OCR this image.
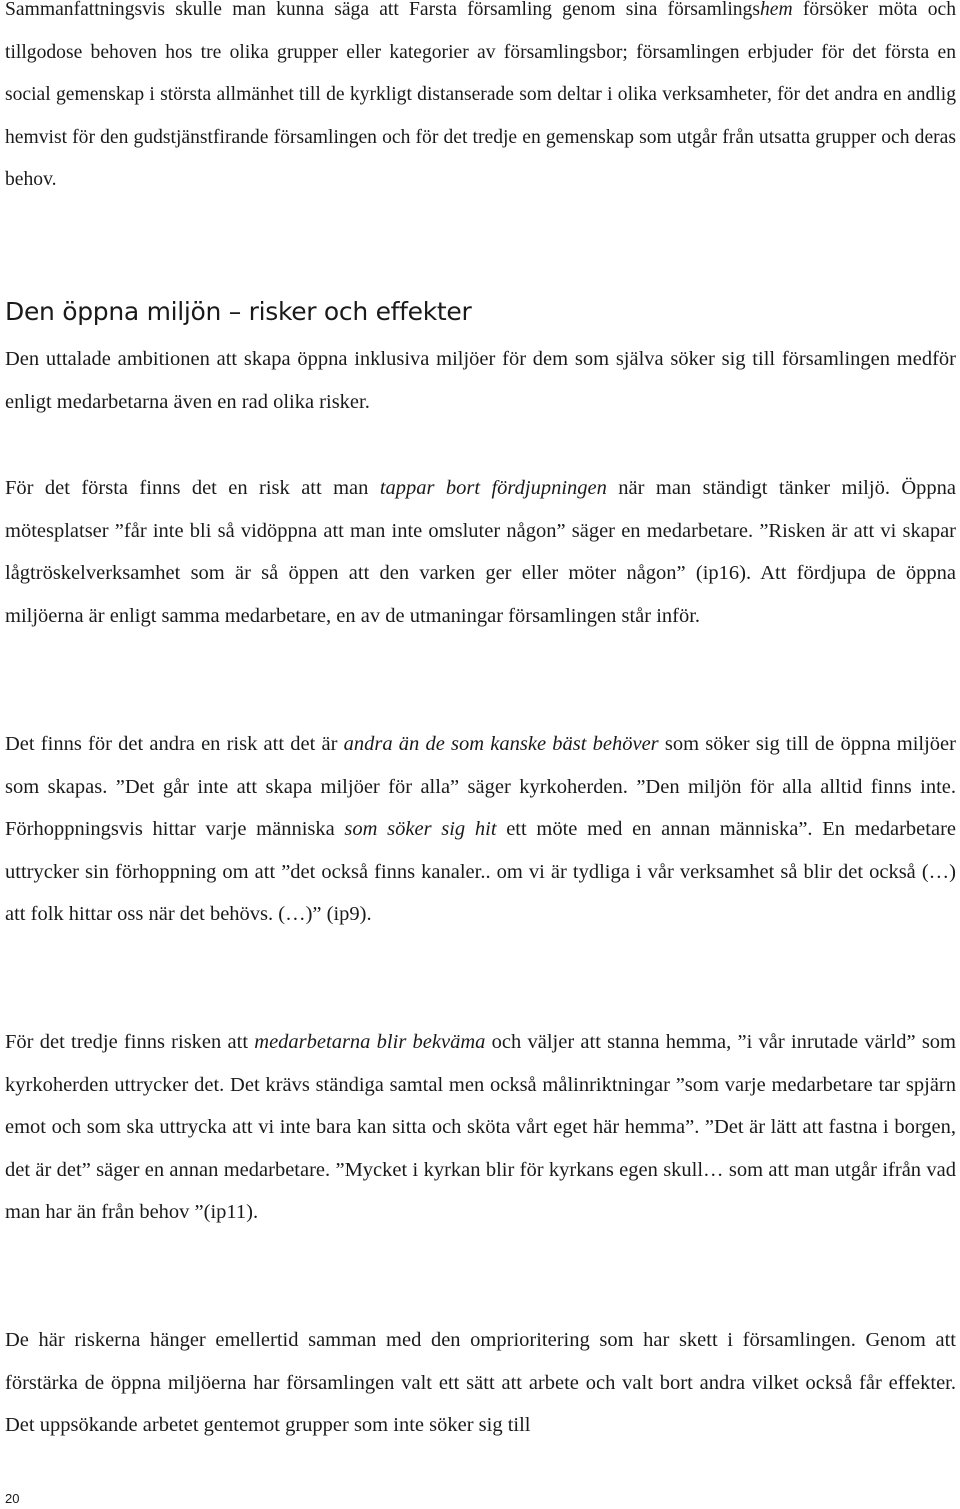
Sammanfattningsvis skulle man kunna säga att Farsta församling genom sina församlingshem försöker möta och tillgodose behoven hos tre olika grupper eller kategorier av församlingsbor; församlingen erbjuder för det första en social gemenskap i största allmänhet till de kyrkligt distanserade som deltar i olika verksamheter, för det andra en andlig hemvist för den gudstjänstfirande församlingen och för det tredje en gemenskap som utgår från utsatta grupper och deras behov.

Den öppna miljön – risker och effekter

Den uttalade ambitionen att skapa öppna inklusiva miljöer för dem som själva söker sig till församlingen medför enligt medarbetarna även en rad olika risker.

För det första finns det en risk att man tappar bort fördjupningen när man ständigt tänker miljö. Öppna mötesplatser ”får inte bli så vidöppna att man inte omsluter någon” säger en medarbetare. ”Risken är att vi skapar lågtröskelverksamhet som är så öppen att den varken ger eller möter någon” (ip16). Att fördjupa de öppna miljöerna är enligt samma medarbetare, en av de utmaningar församlingen står inför.

Det finns för det andra en risk att det är andra än de som kanske bäst behöver som söker sig till de öppna miljöer som skapas. ”Det går inte att skapa miljöer för alla” säger kyrkoherden. ”Den miljön för alla alltid finns inte. Förhoppningsvis hittar varje människa som söker sig hit ett möte med en annan människa”. En medarbetare uttrycker sin förhoppning om att ”det också finns kanaler.. om vi är tydliga i vår verksamhet så blir det också (…) att folk hittar oss när det behövs. (…)” (ip9).

För det tredje finns risken att medarbetarna blir bekväma och väljer att stanna hemma, ”i vår inrutade värld” som kyrkoherden uttrycker det. Det krävs ständiga samtal men också målinriktningar ”som varje medarbetare tar spjärn emot och som ska uttrycka att vi inte bara kan sitta och sköta vårt eget här hemma”. ”Det är lätt att fastna i borgen, det är det” säger en annan medarbetare. ”Mycket i kyrkan blir för kyrkans egen skull… som att man utgår ifrån vad man har än från behov ”(ip11).

De här riskerna hänger emellertid samman med den omprioritering som har skett i församlingen. Genom att förstärka de öppna miljöerna har församlingen valt ett sätt att arbete och valt bort andra vilket också får effekter. Det uppsökande arbetet gentemot grupper som inte söker sig till

20
